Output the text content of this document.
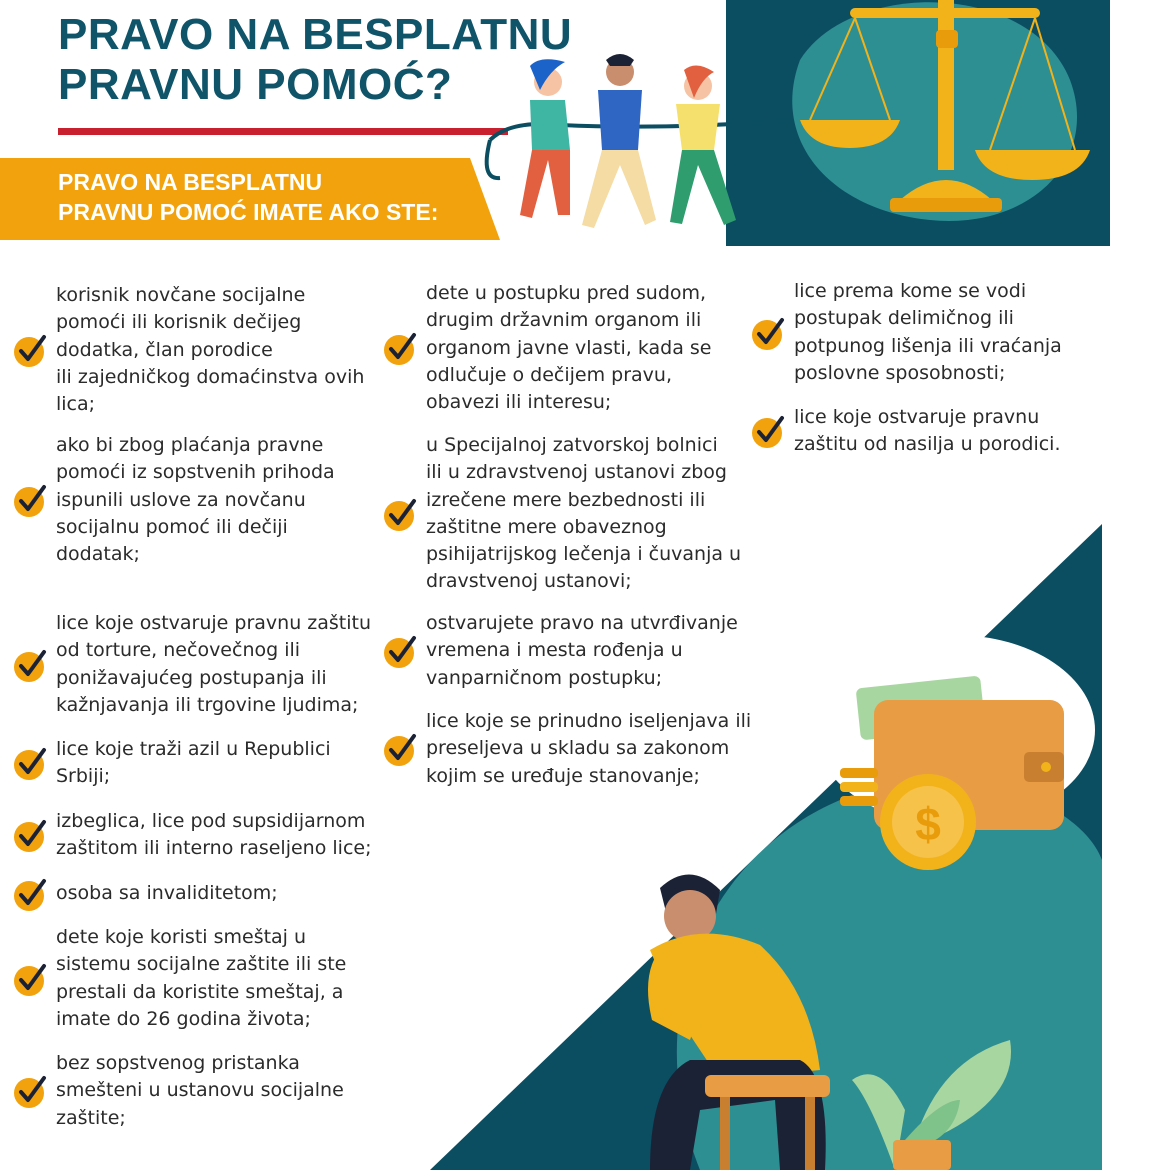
PRAVO NA BESPLATNU
PRAVNU POMOĆ?

PRAVO NA BESPLATNU
PRAVNU POMOĆ IMATE AKO STE:

$

korisnik novčane socijalne
pomoći ili korisnik dečijeg
dodatka, član porodice
ili zajedničkog domaćinstva ovih
lica;

ako bi zbog plaćanja pravne
pomoći iz sopstvenih prihoda
ispunili uslove za novčanu
socijalnu pomoć ili dečiji
dodatak;

lice koje ostvaruje pravnu zaštitu
od torture, nečovečnog ili
ponižavajućeg postupanja ili
kažnjavanja ili trgovine ljudima;

lice koje traži azil u Republici
Srbiji;

izbeglica, lice pod supsidijarnom
zaštitom ili interno raseljeno lice;

osoba sa invaliditetom;

dete koje koristi smeštaj u
sistemu socijalne zaštite ili ste
prestali da koristite smeštaj, a
imate do 26 godina života;

bez sopstvenog pristanka
smešteni u ustanovu socijalne
zaštite;

dete u postupku pred sudom,
drugim državnim organom ili
organom javne vlasti, kada se
odlučuje o dečijem pravu,
obavezi ili interesu;

u Specijalnoj zatvorskoj bolnici
ili u zdravstvenoj ustanovi zbog
izrečene mere bezbednosti ili
zaštitne mere obaveznog
psihijatrijskog lečenja i čuvanja u
dravstvenoj ustanovi;

ostvarujete pravo na utvrđivanje
vremena i mesta rođenja u
vanparničnom postupku;

lice koje se prinudno iseljenjava ili
preseljeva u skladu sa zakonom
kojim se uređuje stanovanje;

lice prema kome se vodi
postupak delimičnog ili
potpunog lišenja ili vraćanja
poslovne sposobnosti;

lice koje ostvaruje pravnu
zaštitu od nasilja u porodici.
